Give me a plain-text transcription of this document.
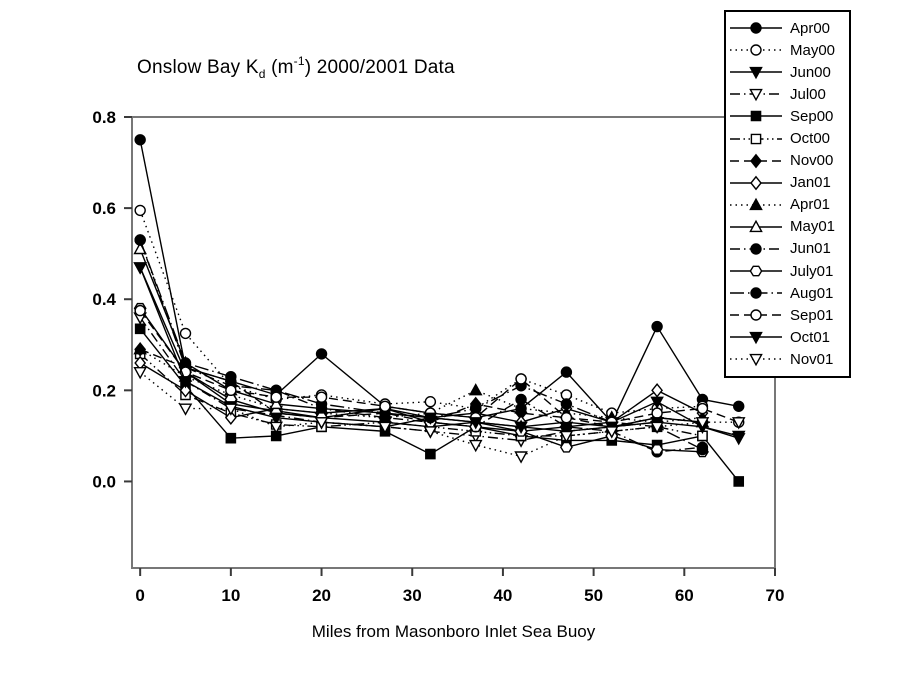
0.0
0.2
0.4
0.6
0.8
0	10	20	30	40	50	60	70
Onslow Bay $K_d$ $(m^{-1})$ 2000/2001 Data
Miles from Masonboro Inlet Sea Buoy
Apr00
May00
Jun00
Jul00
Sep00
Oct00
Nov00
Jan01
Apr01
May01
Jun01
July01
Aug01
Sep01
Oct01
Nov01
